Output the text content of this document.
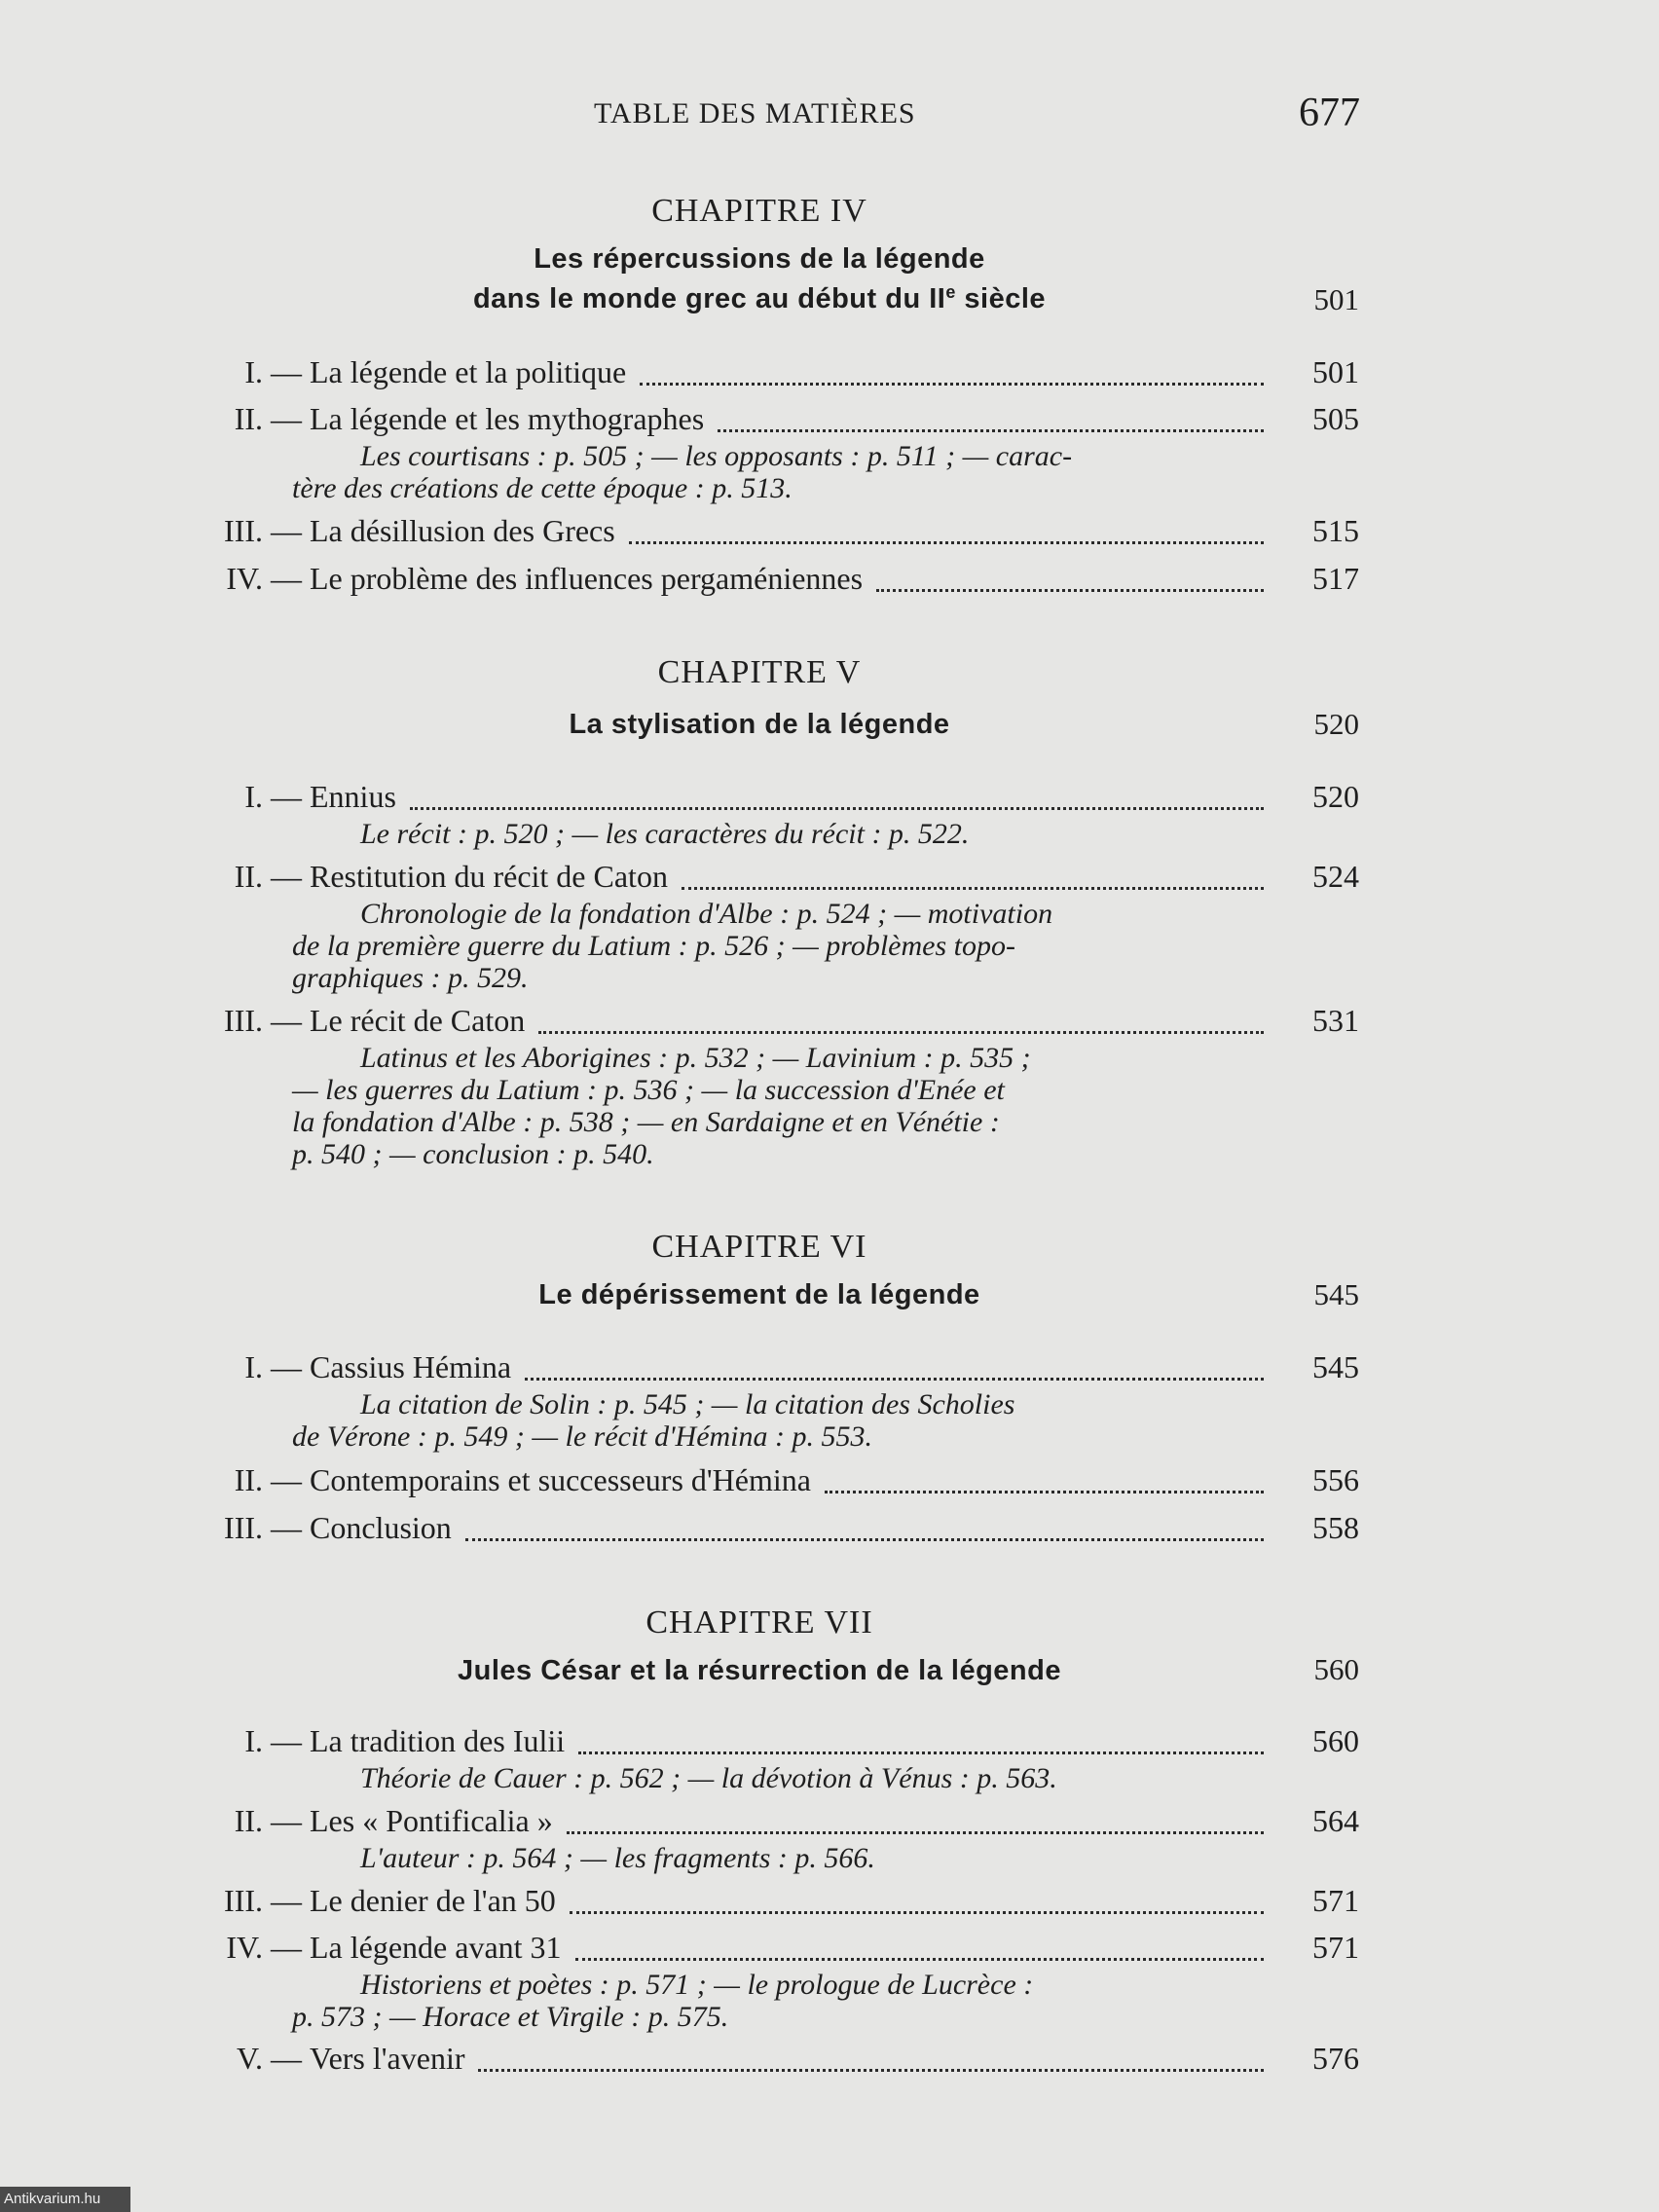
TABLE DES MATIÈRES	677
CHAPITRE IV
Les répercussions de la légende
dans le monde grec au début du IIe siècle	501
I. — La légende et la politique	501
II. — La légende et les mythographes	505
Les courtisans : p. 505 ; — les opposants : p. 511 ; — carac-
tère des créations de cette époque : p. 513.
III. — La désillusion des Grecs	515
IV. — Le problème des influences pergaméniennes	517
CHAPITRE V
La stylisation de la légende	520
I. — Ennius	520
Le récit : p. 520 ; — les caractères du récit : p. 522.
II. — Restitution du récit de Caton	524
Chronologie de la fondation d'Albe : p. 524 ; — motivation
de la première guerre du Latium : p. 526 ; — problèmes topo-
graphiques : p. 529.
III. — Le récit de Caton	531
Latinus et les Aborigines : p. 532 ; — Lavinium : p. 535 ;
— les guerres du Latium : p. 536 ; — la succession d'Enée et
la fondation d'Albe : p. 538 ; — en Sardaigne et en Vénétie :
p. 540 ; — conclusion : p. 540.
CHAPITRE VI
Le dépérissement de la légende	545
I. — Cassius Hémina	545
La citation de Solin : p. 545 ; — la citation des Scholies
de Vérone : p. 549 ; — le récit d'Hémina : p. 553.
II. — Contemporains et successeurs d'Hémina	556
III. — Conclusion	558
CHAPITRE VII
Jules César et la résurrection de la légende	560
I. — La tradition des Iulii	560
Théorie de Cauer : p. 562 ; — la dévotion à Vénus : p. 563.
II. — Les « Pontificalia »	564
L'auteur : p. 564 ; — les fragments : p. 566.
III. — Le denier de l'an 50	571
IV. — La légende avant 31	571
Historiens et poètes : p. 571 ; — le prologue de Lucrèce :
p. 573 ; — Horace et Virgile : p. 575.
V. — Vers l'avenir	576
Antikvarium.hu
